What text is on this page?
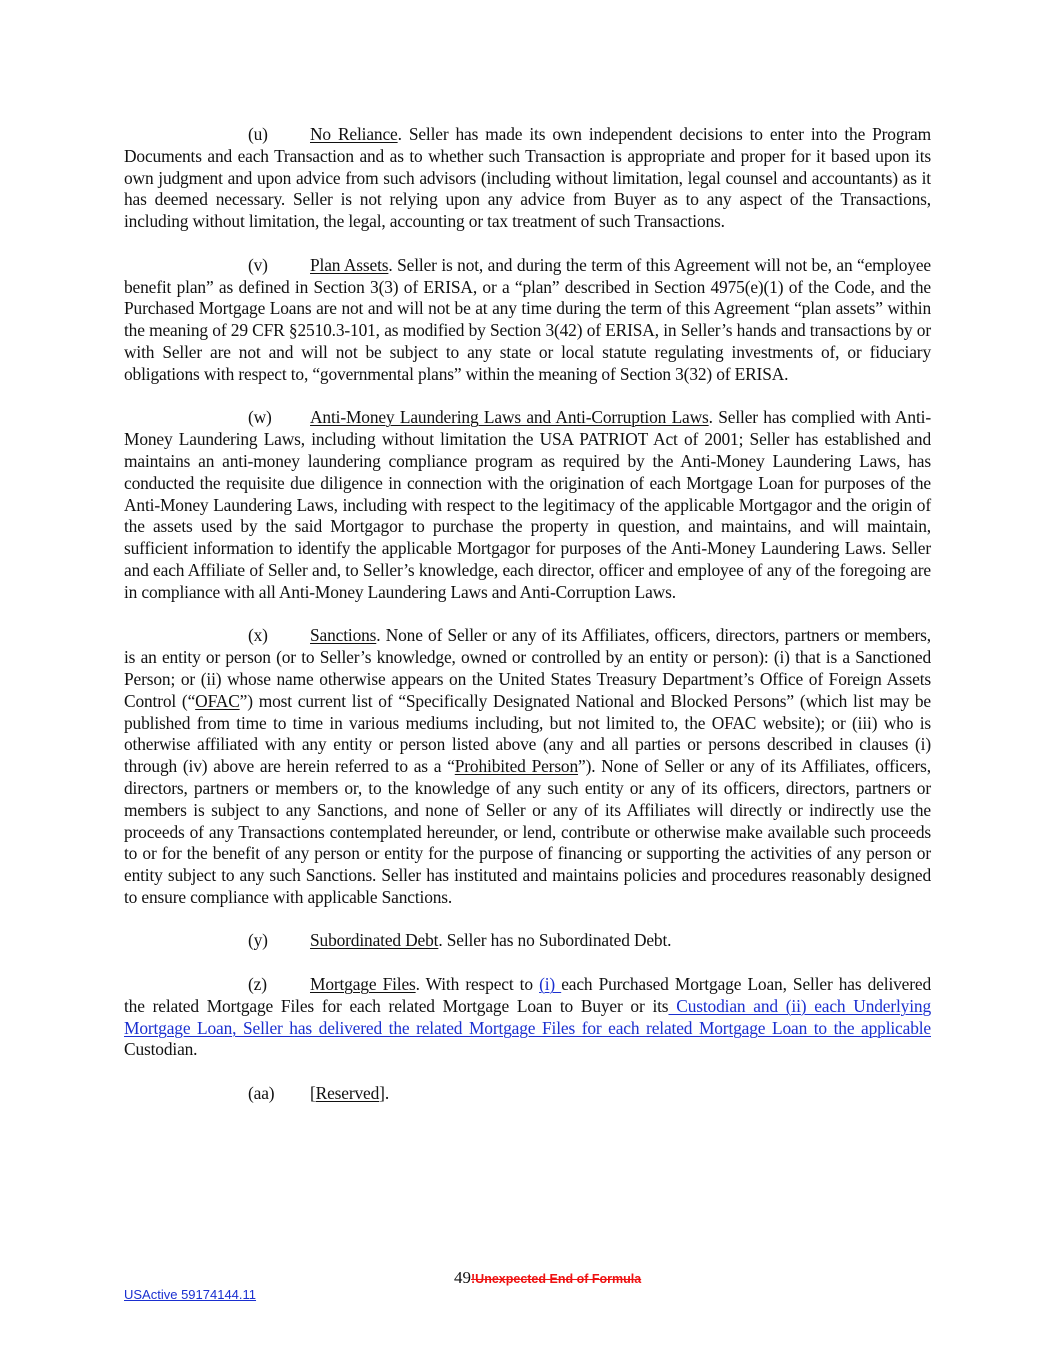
(u) No Reliance. Seller has made its own independent decisions to enter into the Program Documents and each Transaction and as to whether such Transaction is appropriate and proper for it based upon its own judgment and upon advice from such advisors (including without limitation, legal counsel and accountants) as it has deemed necessary. Seller is not relying upon any advice from Buyer as to any aspect of the Transactions, including without limitation, the legal, accounting or tax treatment of such Transactions.

(v) Plan Assets. Seller is not, and during the term of this Agreement will not be, an “employee benefit plan” as defined in Section 3(3) of ERISA, or a “plan” described in Section 4975(e)(1) of the Code, and the Purchased Mortgage Loans are not and will not be at any time during the term of this Agreement “plan assets” within the meaning of 29 CFR §2510.3-101, as modified by Section 3(42) of ERISA, in Seller’s hands and transactions by or with Seller are not and will not be subject to any state or local statute regulating investments of, or fiduciary obligations with respect to, “governmental plans” within the meaning of Section 3(32) of ERISA.

(w) Anti-Money Laundering Laws and Anti-Corruption Laws. Seller has complied with Anti-Money Laundering Laws, including without limitation the USA PATRIOT Act of 2001; Seller has established and maintains an anti-money laundering compliance program as required by the Anti-Money Laundering Laws, has conducted the requisite due diligence in connection with the origination of each Mortgage Loan for purposes of the Anti-Money Laundering Laws, including with respect to the legitimacy of the applicable Mortgagor and the origin of the assets used by the said Mortgagor to purchase the property in question, and maintains, and will maintain, sufficient information to identify the applicable Mortgagor for purposes of the Anti-Money Laundering Laws. Seller and each Affiliate of Seller and, to Seller’s knowledge, each director, officer and employee of any of the foregoing are in compliance with all Anti-Money Laundering Laws and Anti-Corruption Laws.

(x) Sanctions. None of Seller or any of its Affiliates, officers, directors, partners or members, is an entity or person (or to Seller’s knowledge, owned or controlled by an entity or person): (i) that is a Sanctioned Person; or (ii) whose name otherwise appears on the United States Treasury Department’s Office of Foreign Assets Control (“OFAC”) most current list of “Specifically Designated National and Blocked Persons” (which list may be published from time to time in various mediums including, but not limited to, the OFAC website); or (iii) who is otherwise affiliated with any entity or person listed above (any and all parties or persons described in clauses (i) through (iv) above are herein referred to as a “Prohibited Person”). None of Seller or any of its Affiliates, officers, directors, partners or members or, to the knowledge of any such entity or any of its officers, directors, partners or members is subject to any Sanctions, and none of Seller or any of its Affiliates will directly or indirectly use the proceeds of any Transactions contemplated hereunder, or lend, contribute or otherwise make available such proceeds to or for the benefit of any person or entity for the purpose of financing or supporting the activities of any person or entity subject to any such Sanctions. Seller has instituted and maintains policies and procedures reasonably designed to ensure compliance with applicable Sanctions.

(y) Subordinated Debt. Seller has no Subordinated Debt.

(z) Mortgage Files. With respect to (i) each Purchased Mortgage Loan, Seller has delivered the related Mortgage Files for each related Mortgage Loan to Buyer or its Custodian and (ii) each Underlying Mortgage Loan, Seller has delivered the related Mortgage Files for each related Mortgage Loan to the applicable Custodian.

(aa) [Reserved].

49!Unexpected End of Formula
USActive 59174144.11
